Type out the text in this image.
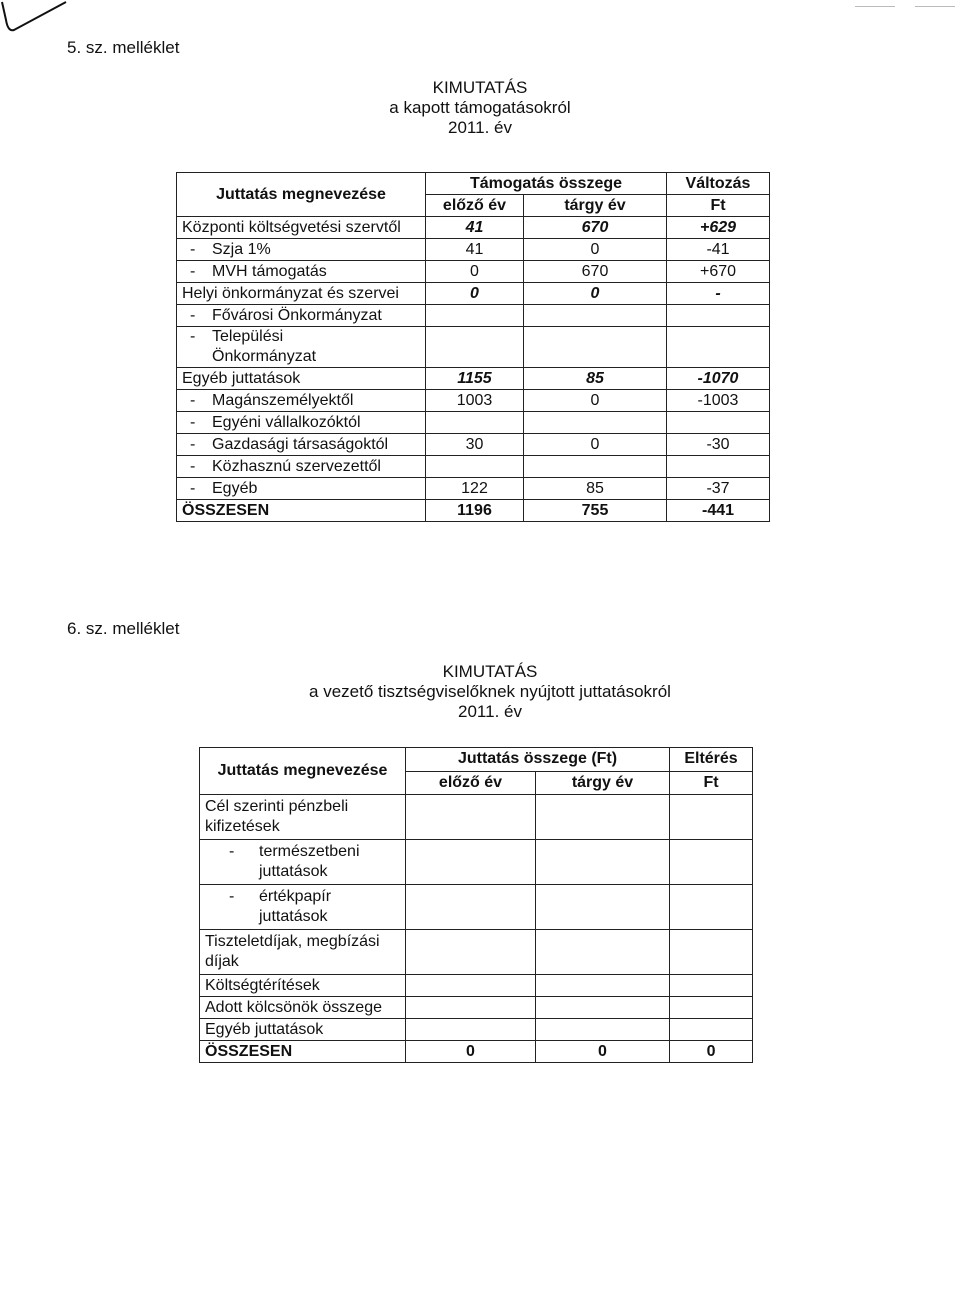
5. sz. melléklet
KIMUTATÁS
a kapott támogatásokról
2011. év
Juttatás megnevezése	Támogatás összege		Változás
	előző év	tárgy év	Ft
Központi költségvetési szervtől	41	670	+629
- Szja 1%	41	0	-41
- MVH támogatás	0	670	+670
Helyi önkormányzat és szervei	0	0	-
- Fővárosi Önkormányzat			

- Települési Önkormányzat			

Egyéb juttatások	1155	85	-1070
- Magánszemélyektől	1003	0	-1003
- Egyéni vállalkozóktól			
- Gazdasági társaságoktól	30	0	-30
- Közhasznú szervezettől			
- Egyéb	122	85	-37
ÖSSZESEN	1196	755	-441
6. sz. melléklet
KIMUTATÁS
a vezető tisztségviselőknek nyújtott juttatásokról
2011. év
Juttatás megnevezése	Juttatás összege (Ft)		Eltérés
	előző év	tárgy év	Ft
Cél szerinti pénzbeli kifizetések			

- természetbeni juttatások			

- értékpapír juttatások			

Tiszteletdíjak, megbízási díjak			
Költségtérítések			
Adott kölcsönök összege			
Egyéb juttatások			
ÖSSZESEN	0	0	0
